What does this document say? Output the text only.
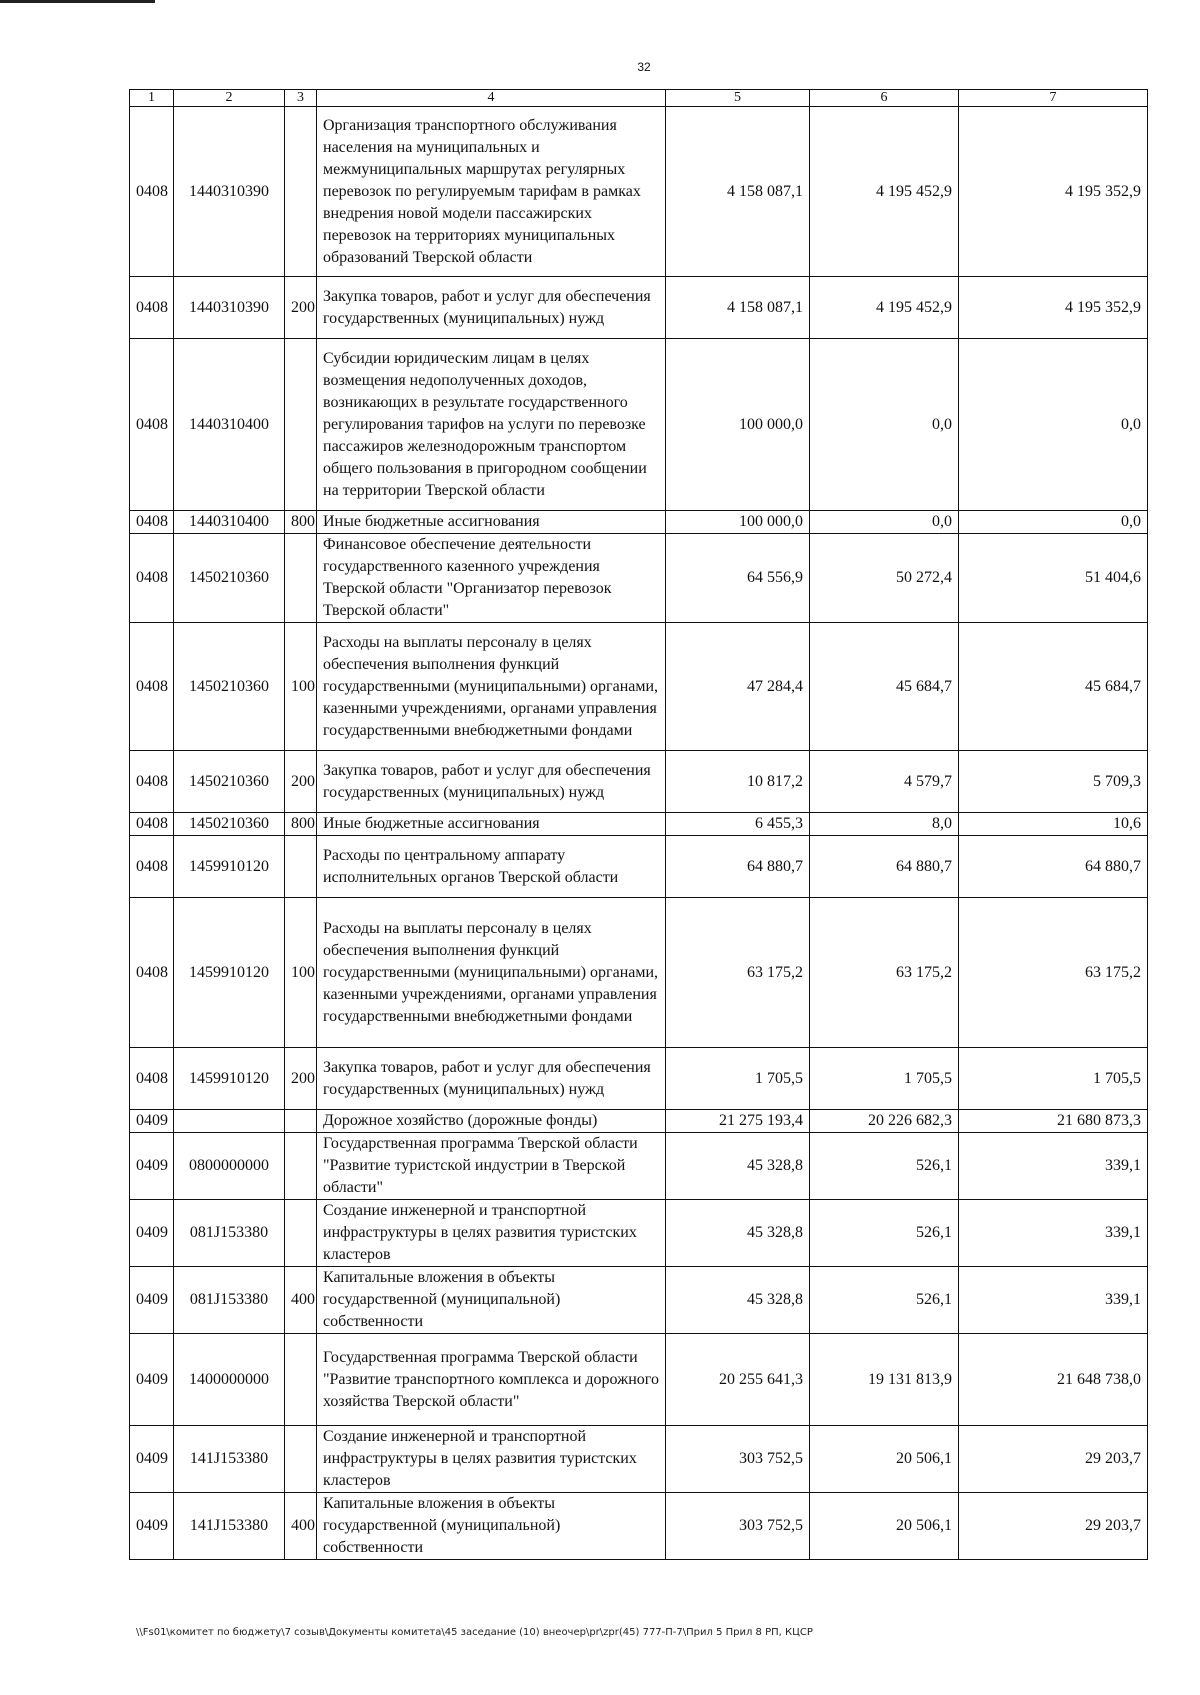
32
1	2	3	4	5	6	7
0408	1440310390		Организация транспортного обслуживания населения на муниципальных и межмуниципальных маршрутах регулярных перевозок по регулируемым тарифам в рамках внедрения новой модели пассажирских перевозок на территориях муниципальных образований Тверской области	4 158 087,1	4 195 452,9	4 195 352,9
0408	1440310390	200	Закупка товаров, работ и услуг для обеспечения государственных (муниципальных) нужд	4 158 087,1	4 195 452,9	4 195 352,9
0408	1440310400		Субсидии юридическим лицам в целях возмещения недополученных доходов, возникающих в результате государственного регулирования тарифов на услуги по перевозке пассажиров железнодорожным транспортом общего пользования в пригородном сообщении на территории Тверской области	100 000,0	0,0	0,0
0408	1440310400	800	Иные бюджетные ассигнования	100 000,0	0,0	0,0
0408	1450210360		Финансовое обеспечение деятельности государственного казенного учреждения Тверской области "Организатор перевозок Тверской области"	64 556,9	50 272,4	51 404,6
0408	1450210360	100	Расходы на выплаты персоналу в целях обеспечения выполнения функций государственными (муниципальными) органами, казенными учреждениями, органами управления государственными внебюджетными фондами	47 284,4	45 684,7	45 684,7
0408	1450210360	200	Закупка товаров, работ и услуг для обеспечения государственных (муниципальных) нужд	10 817,2	4 579,7	5 709,3
0408	1450210360	800	Иные бюджетные ассигнования	6 455,3	8,0	10,6
0408	1459910120		Расходы по центральному аппарату исполнительных органов Тверской области	64 880,7	64 880,7	64 880,7
0408	1459910120	100	Расходы на выплаты персоналу в целях обеспечения выполнения функций государственными (муниципальными) органами, казенными учреждениями, органами управления государственными внебюджетными фондами	63 175,2	63 175,2	63 175,2
0408	1459910120	200	Закупка товаров, работ и услуг для обеспечения государственных (муниципальных) нужд	1 705,5	1 705,5	1 705,5
0409			Дорожное хозяйство (дорожные фонды)	21 275 193,4	20 226 682,3	21 680 873,3
0409	0800000000		Государственная программа Тверской области "Развитие туристской индустрии в Тверской области"	45 328,8	526,1	339,1
0409	081J153380		Создание инженерной и транспортной инфраструктуры в целях развития туристских кластеров	45 328,8	526,1	339,1
0409	081J153380	400	Капитальные вложения в объекты государственной (муниципальной) собственности	45 328,8	526,1	339,1
0409	1400000000		Государственная программа Тверской области "Развитие транспортного комплекса и дорожного хозяйства Тверской области"	20 255 641,3	19 131 813,9	21 648 738,0
0409	141J153380		Создание инженерной и транспортной инфраструктуры в целях развития туристских кластеров	303 752,5	20 506,1	29 203,7
0409	141J153380	400	Капитальные вложения в объекты государственной (муниципальной) собственности	303 752,5	20 506,1	29 203,7
\\Fs01\комитет по бюджету\7 созыв\Документы комитета\45 заседание (10) внеочер\pr\zpr(45) 777-П-7\Прил 5 Прил 8 РП, КЦСР
